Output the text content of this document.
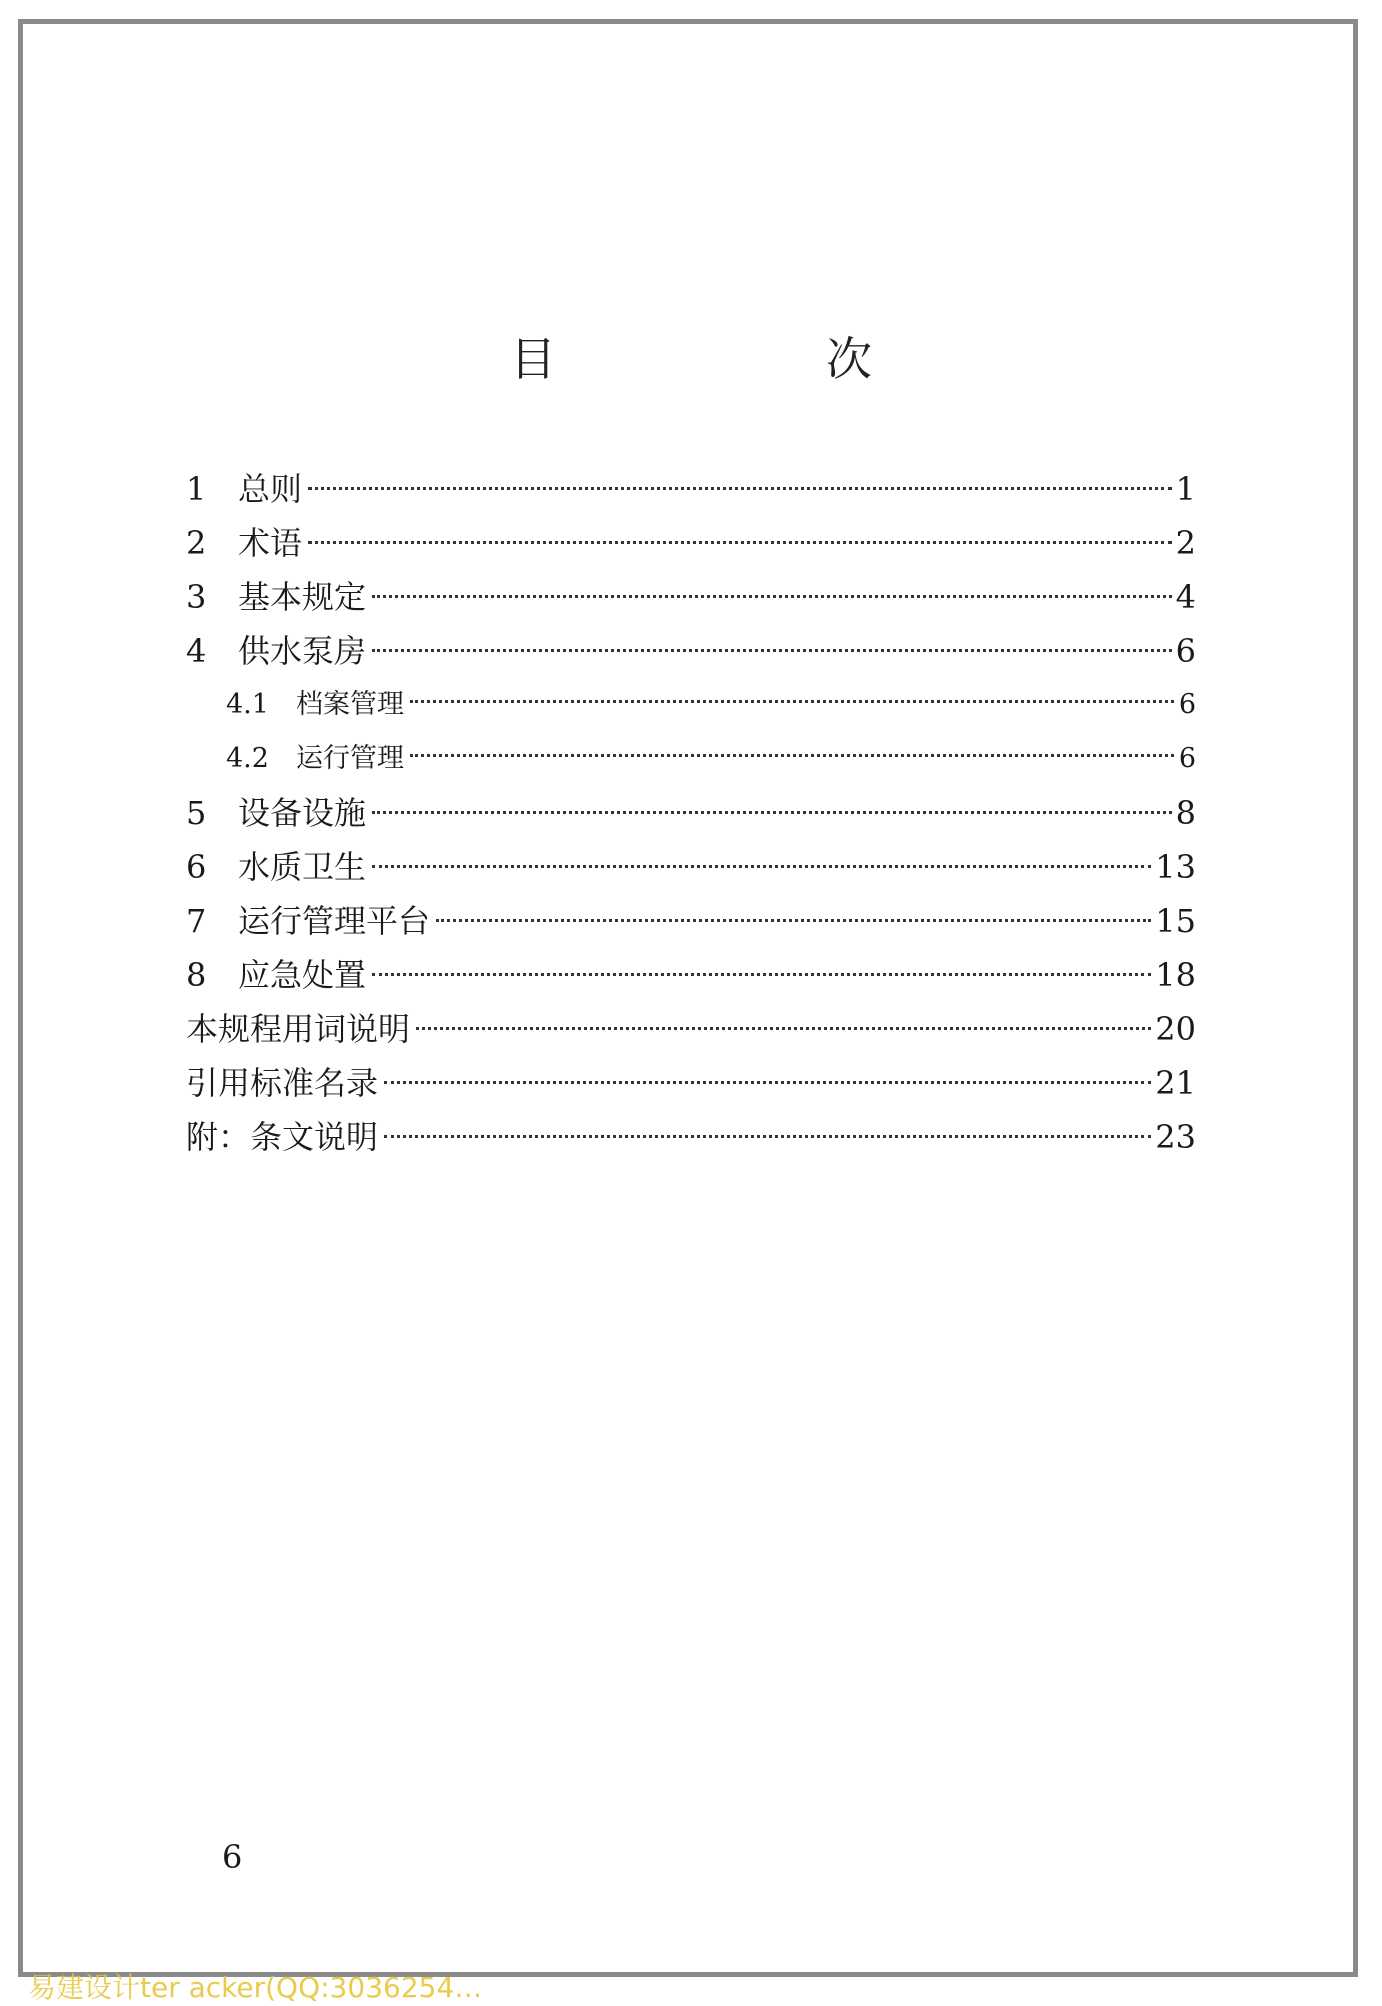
目　次
1 总则	1
2 术语	2
3 基本规定	4
4 供水泵房	6
4.1	档案管理	6
4.2	运行管理	6
5 设备设施	8
6 水质卫生	13
7 运行管理平台	15
8 应急处置	18
本规程用词说明	20
引用标准名录	21
附：条文说明	23
6
易建设计ter acker(QQ:3036254…
